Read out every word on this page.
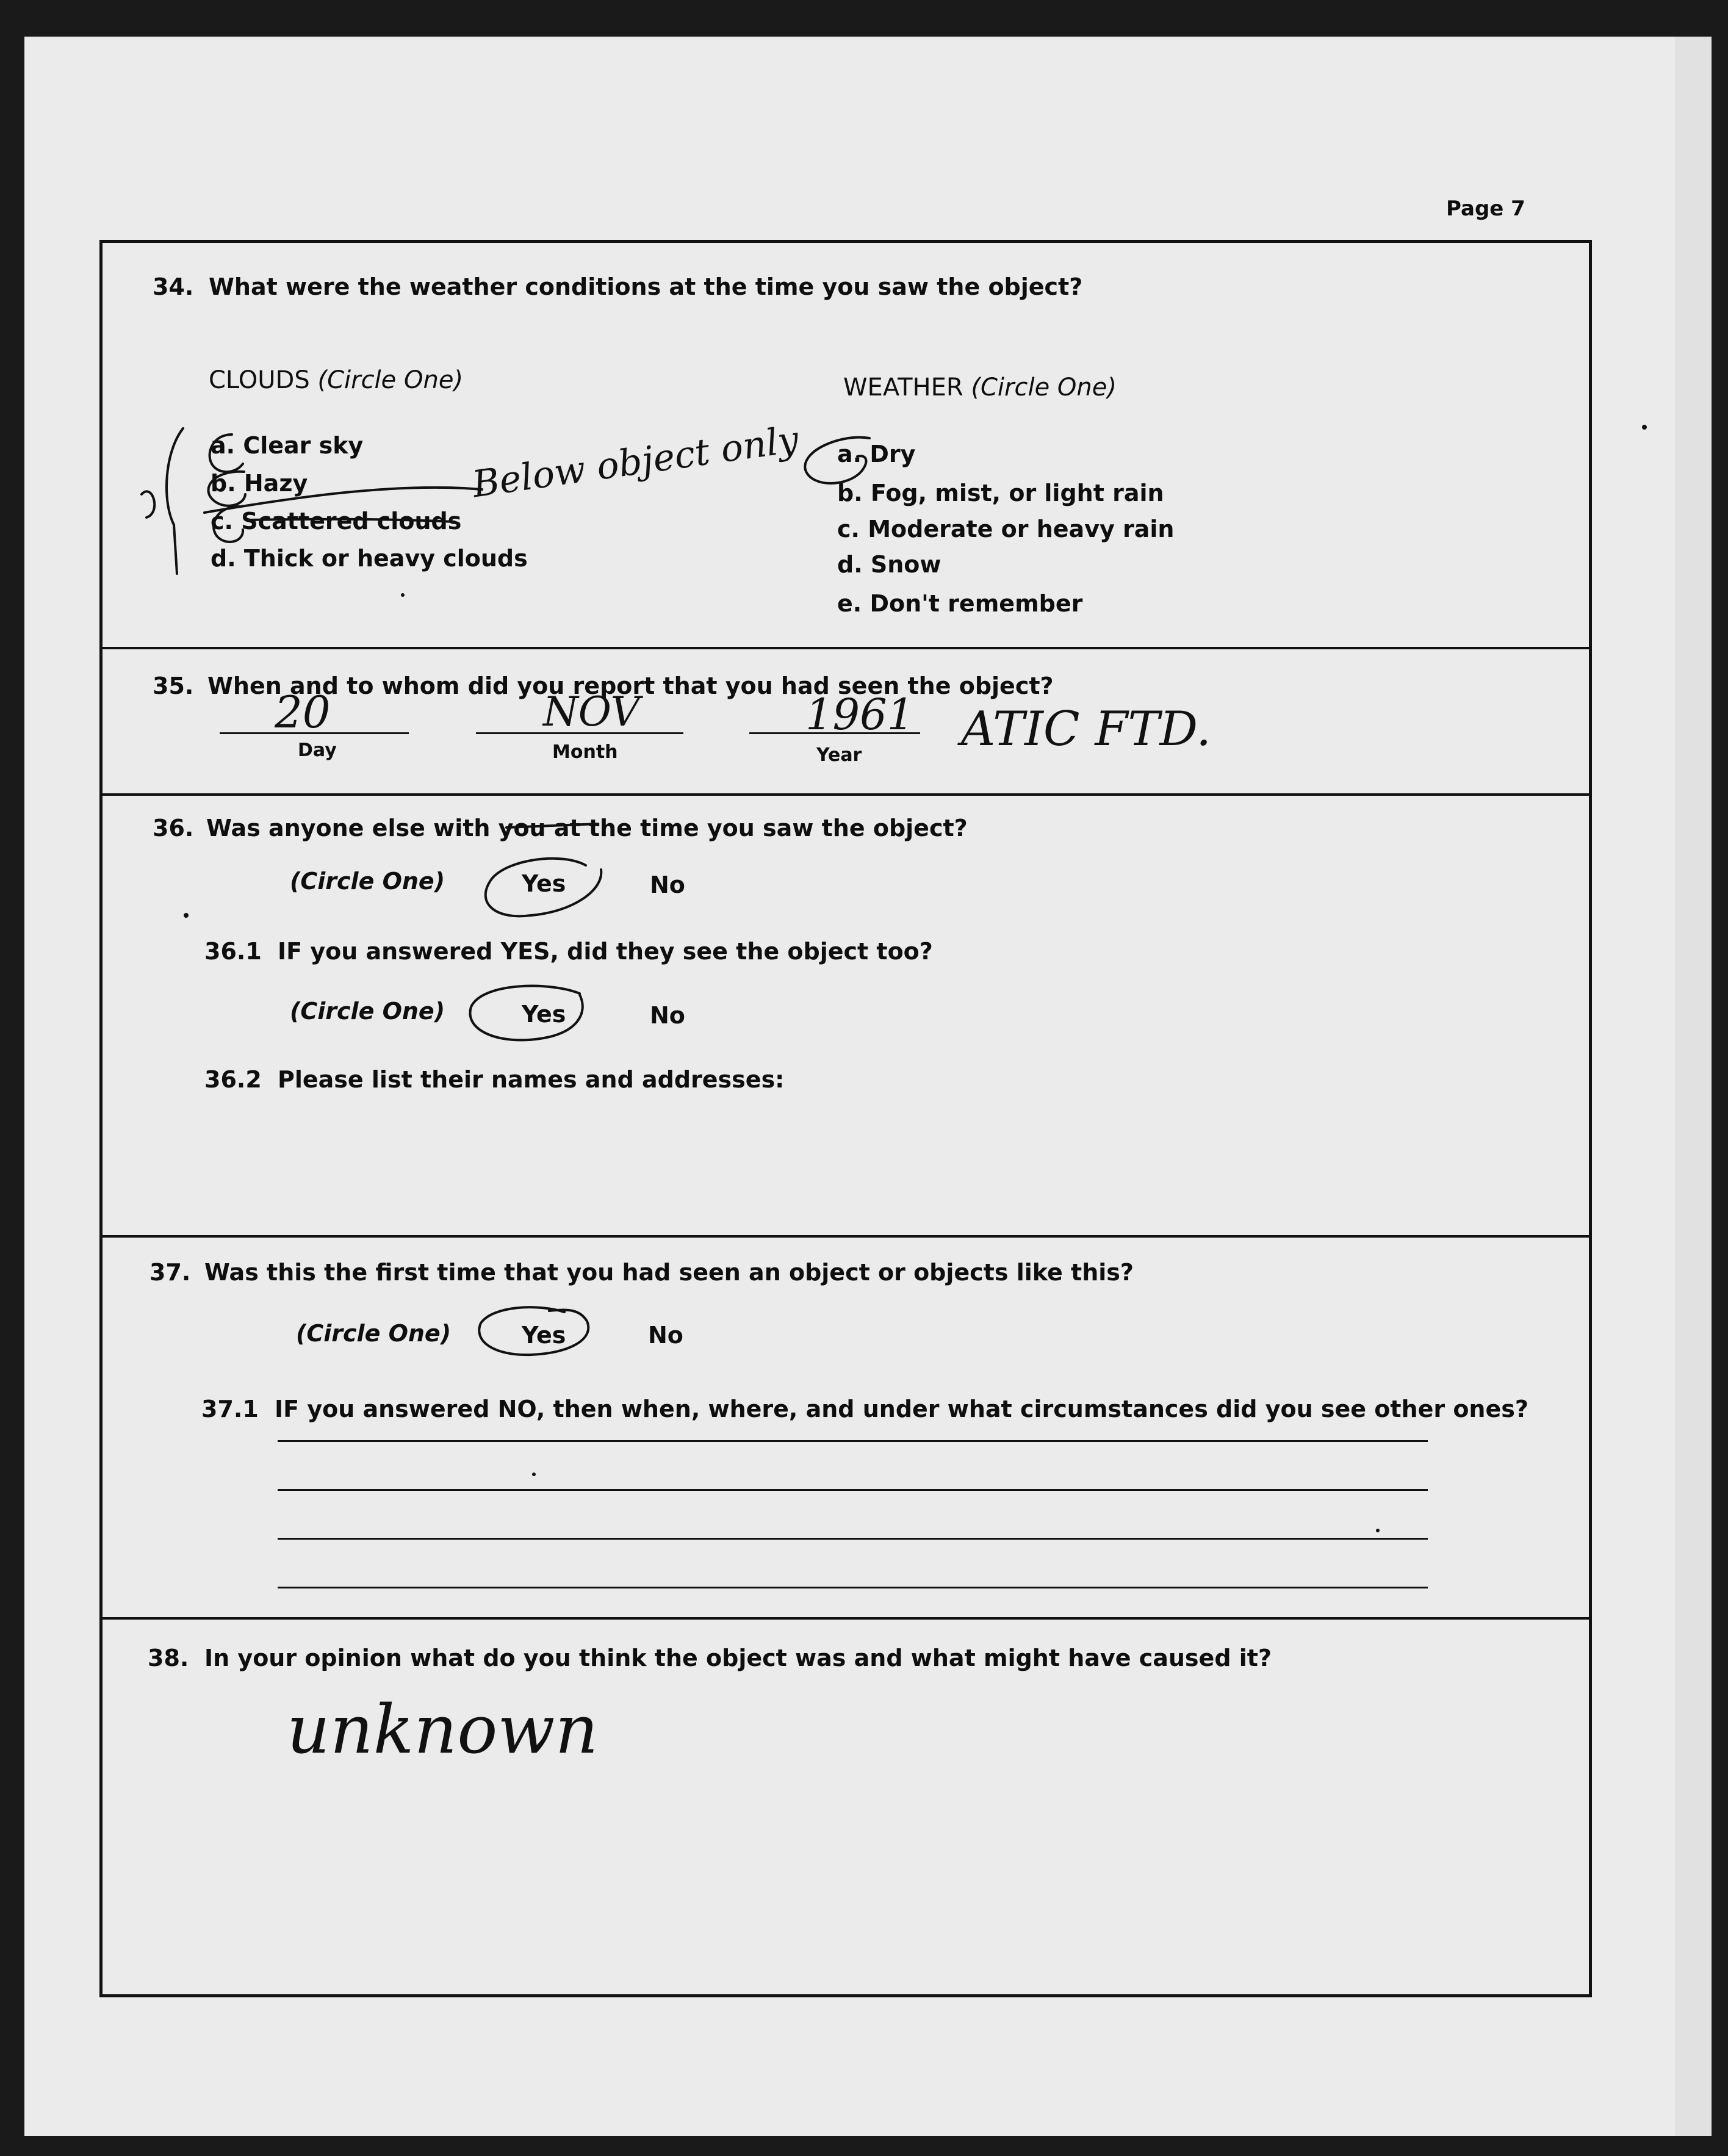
Page 7
34. What were the weather conditions at the time you saw the object?
CLOUDS (Circle One)	WEATHER (Circle One)
a. Clear sky
b. Hazy
c. Scattered clouds
d. Thick or heavy clouds
a. Dry
b. Fog, mist, or light rain
c. Moderate or heavy rain
d. Snow
e. Don't remember
Below object only
35. When and to whom did you report that you had seen the object?
Day	Month	Year
20	NOV	1961 ATIC FTD.
36. Was anyone else with you at the time you saw the object?
(Circle One)	Yes	No
36.1 IF you answered YES, did they see the object too?
(Circle One)	Yes	No
36.2 Please list their names and addresses:
37. Was this the first time that you had seen an object or objects like this?
(Circle One)	Yes	No
37.1 IF you answered NO, then when, where, and under what circumstances did you see other ones?
38. In your opinion what do you think the object was and what might have caused it?
unknown
